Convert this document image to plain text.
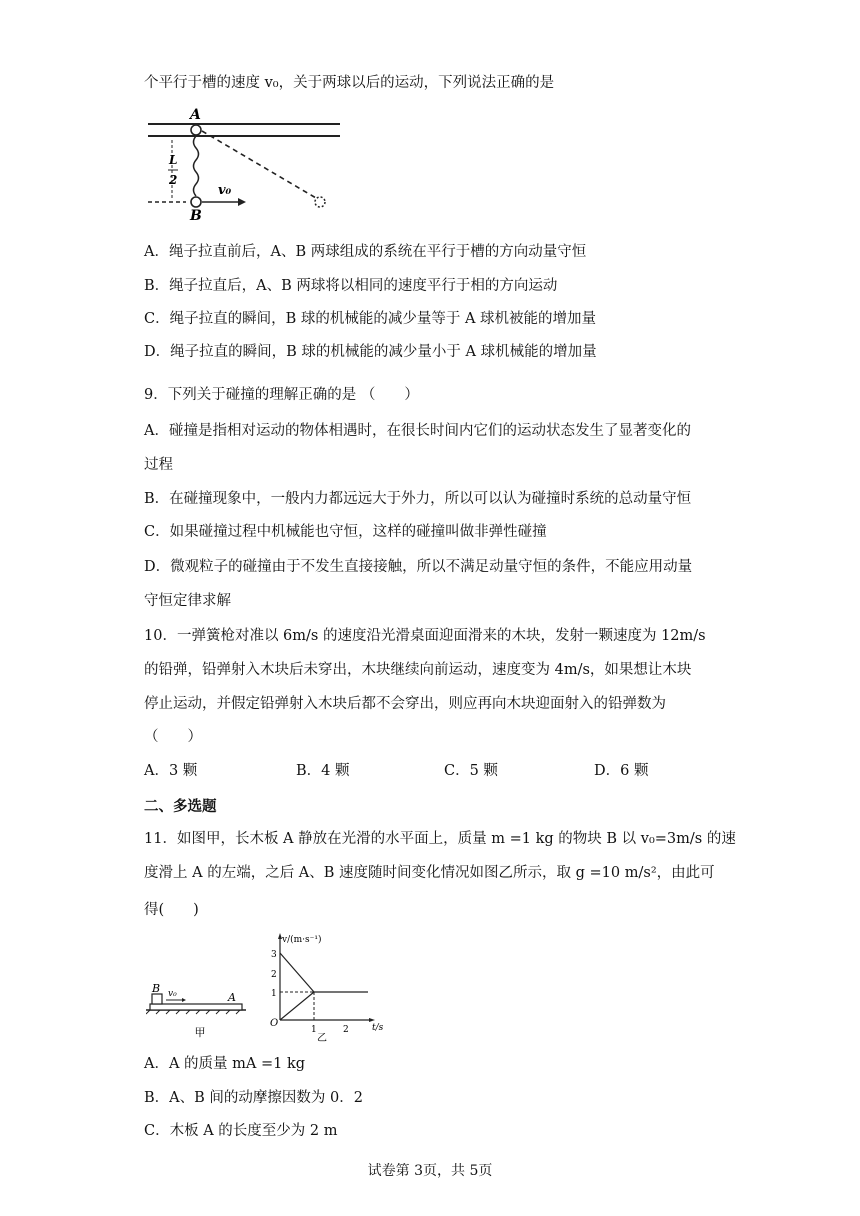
个平行于槽的速度 v₀，关于两球以后的运动，下列说法正确的是
A
B
L
2
v₀
A．绳子拉直前后，A、B 两球组成的系统在平行于槽的方向动量守恒
B．绳子拉直后，A、B 两球将以相同的速度平行于相的方向运动
C．绳子拉直的瞬间，B 球的机械能的减少量等于 A 球机被能的增加量
D．绳子拉直的瞬间，B 球的机械能的减少量小于 A 球机械能的增加量
9．下列关于碰撞的理解正确的是 （　　）
A．碰撞是指相对运动的物体相遇时，在很长时间内它们的运动状态发生了显著变化的
过程
B．在碰撞现象中，一般内力都远远大于外力，所以可以认为碰撞时系统的总动量守恒
C．如果碰撞过程中机械能也守恒，这样的碰撞叫做非弹性碰撞
D．微观粒子的碰撞由于不发生直接接触，所以不满足动量守恒的条件，不能应用动量
守恒定律求解
10．一弹簧枪对准以 6m/s 的速度沿光滑桌面迎面滑来的木块，发射一颗速度为 12m/s
的铅弹，铅弹射入木块后未穿出，木块继续向前运动，速度变为 4m/s，如果想让木块
停止运动，并假定铅弹射入木块后都不会穿出，则应再向木块迎面射入的铅弹数为
（　　）
A．3 颗	B．4 颗	C．5 颗	D．6 颗
二、多选题
11．如图甲，长木板 A 静放在光滑的水平面上，质量 m =1 kg 的物块 B 以 v₀=3m/s 的速
度滑上 A 的左端，之后 A、B 速度随时间变化情况如图乙所示，取 g =10 m/s²，由此可
得(　　)
B v₀	A
甲
v/(m·s⁻¹)
3
2
1
O
1	2	t/s
乙
A．A 的质量 mA =1 kg
B．A、B 间的动摩擦因数为 0．2
C．木板 A 的长度至少为 2 m
试卷第 3页，共 5页
